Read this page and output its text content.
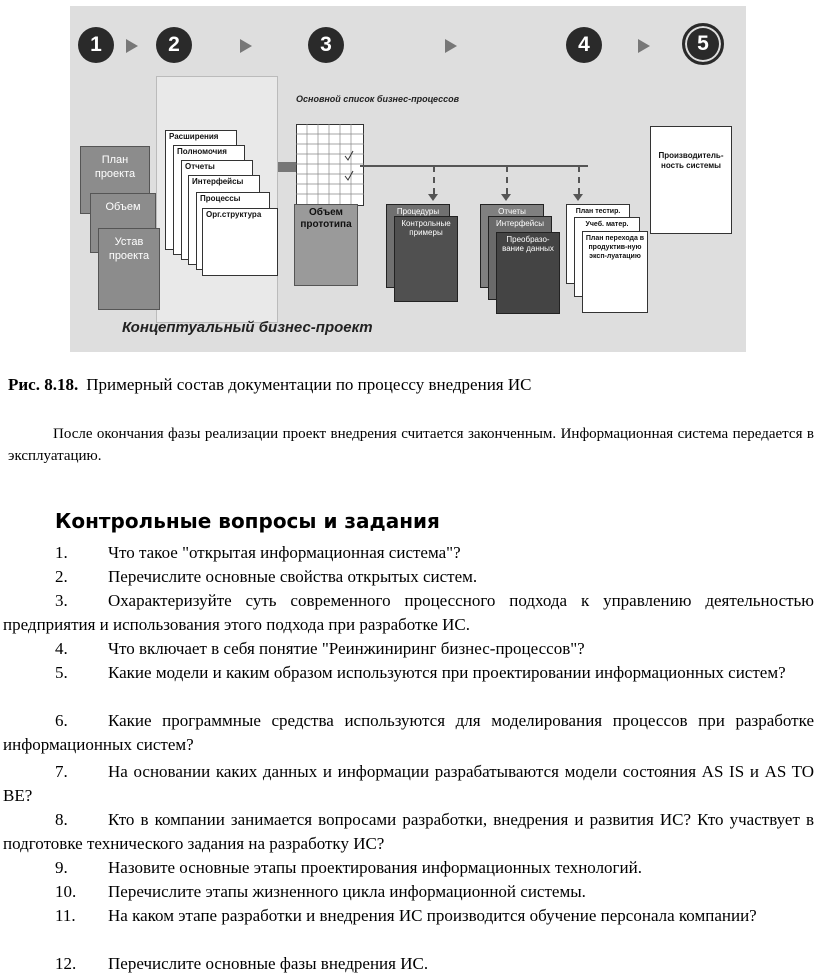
1	2	3	4	5
Расширения
Полномочия
Отчеты
Интерфейсы
Процессы
Орг.структура
План проекта
Объем
Устав проекта
Основной список бизнес-процессов
Объем прототипа
Процедуры
Контрольные примеры
Отчеты
Интерфейсы
Преобразо-вание данных
План тестир.
Учеб. матер.
План перехода в продуктив-ную эксп-луатацию
Производитель-ность системы
Концептуальный бизнес-проект
Рис. 8.18. Примерный состав документации по процессу внедрения ИС
После окончания фазы реализации проект внедрения считается законченным. Информационная система передается в эксплуатацию.
Контрольные вопросы и задания
1.	Что такое "открытая информационная система"?
2.	Перечислите основные свойства открытых систем.
3.	Охарактеризуйте суть современного процессного подхода к управлению деятельностью предприятия и использования этого подхода при разработке ИС.
4.	Что включает в себя понятие "Реинжиниринг бизнес-процессов"?
5.	Какие модели и каким образом используются при проектировании информационных систем?
6.	Какие программные средства используются для моделирования процессов при разработке информационных систем?
7.	На основании каких данных и информации разрабатываются модели состояния AS IS и AS TO BE?
8.	Кто в компании занимается вопросами разработки, внедрения и развития ИС? Кто участвует в подготовке технического задания на разработку ИС?
9.	Назовите основные этапы проектирования информационных технологий.
10.	Перечислите этапы жизненного цикла информационной системы.
11.	На каком этапе разработки и внедрения ИС производится обучение персонала компании?
12.	Перечислите основные фазы внедрения ИС.
